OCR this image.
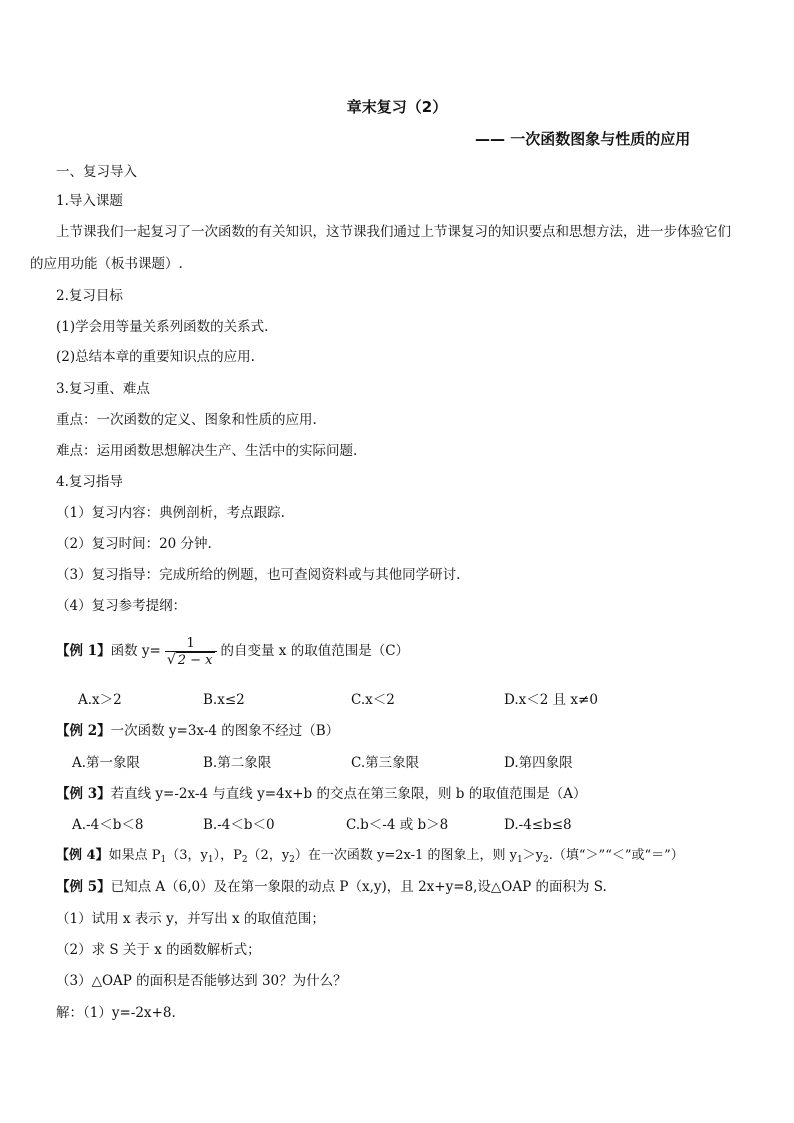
章末复习（2）
—— 一次函数图象与性质的应用
一、复习导入
1.导入课题
上节课我们一起复习了一次函数的有关知识，这节课我们通过上节课复习的知识要点和思想方法，进一步体验它们
的应用功能（板书课题）.
2.复习目标
(1)学会用等量关系列函数的关系式.
(2)总结本章的重要知识点的应用.
3.复习重、难点
重点：一次函数的定义、图象和性质的应用.
难点：运用函数思想解决生产、生活中的实际问题.
4.复习指导
（1）复习内容：典例剖析，考点跟踪.
（2）复习时间：20 分钟.
（3）复习指导：完成所给的例题，也可查阅资料或与其他同学研讨.
（4）复习参考提纲：
【例 1】函数 $y= \frac{1}{√ 2 - x}$ 的自变量 x 的取值范围是（C）
A.x＞2	B.x≤2	C.x＜2	D.x＜2 且 x≠0
【例 2】一次函数 y=3x-4 的图象不经过（B）
A.第一象限	B.第二象限	C.第三象限	D.第四象限
【例 3】若直线 y=-2x-4 与直线 y=4x+b 的交点在第三象限，则 b 的取值范围是（A）
A.-4＜b＜8	B.-4＜b＜0	C.b＜-4 或 b＞8	D.-4≤b≤8
【例 4】如果点 $P_1(3$，$y_1$），$P_2(2$，$y_2$）在一次函数 y=2x-1 的图象上，则 $y_1>y_2$.（填“＞”“＜”或“＝”）
【例 5】已知点 A（6,0）及在第一象限的动点 P（x,y)，且 2x+y=8,设△OAP 的面积为 S.
（1）试用 x 表示 y，并写出 x 的取值范围；
（2）求 S 关于 x 的函数解析式；
（3）△OAP 的面积是否能够达到 30？为什么？
解：（1）y=-2x+8.
